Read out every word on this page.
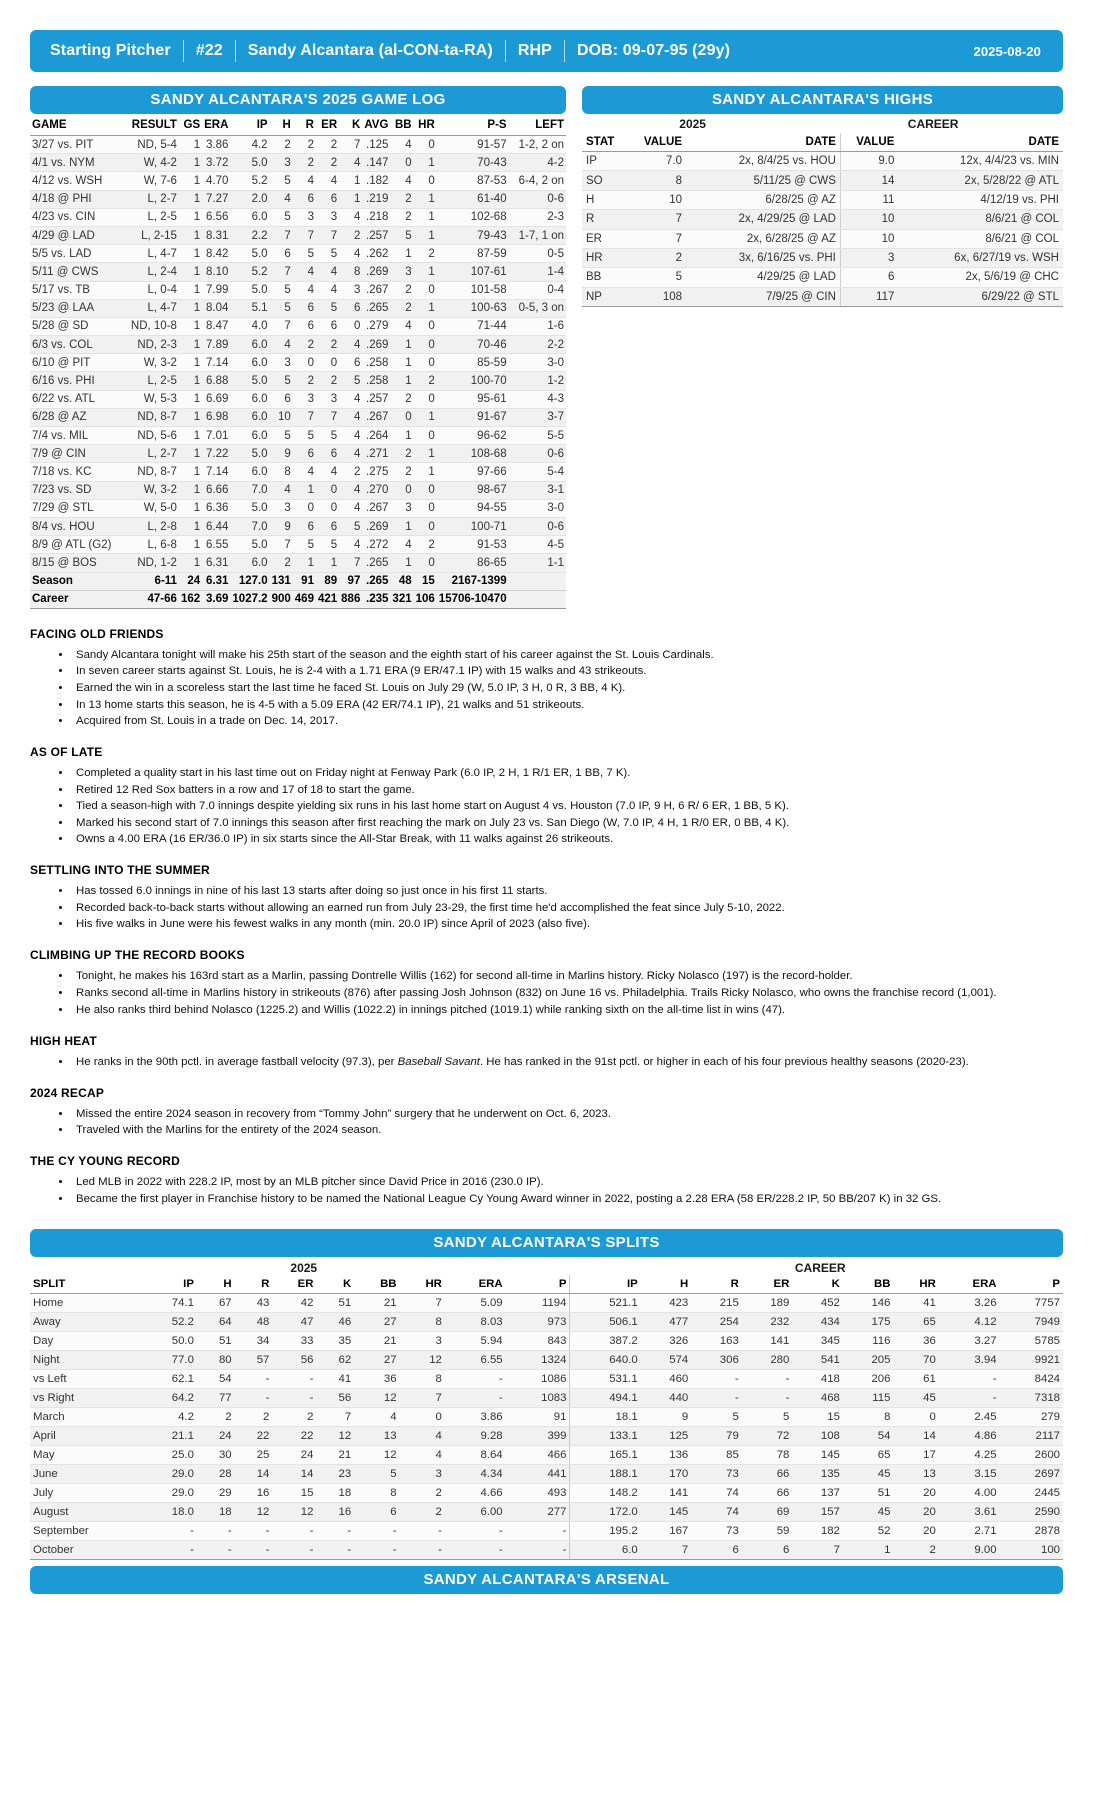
Starting Pitcher	#22	Sandy Alcantara (al-CON-ta-RA)	RHP	DOB: 09-07-95 (29y)	2025-08-20
SANDY ALCANTARA'S 2025 GAME LOG
GAME	RESULT	GS	ERA	IP	H	R	ER	K	AVG	BB	HR	P-S	LEFT
3/27 vs. PIT	ND, 5-4	1	3.86	4.2	2	2	2	7	.125	4	0	91-57	1-2, 2 on
4/1 vs. NYM	W, 4-2	1	3.72	5.0	3	2	2	4	.147	0	1	70-43	4-2
4/12 vs. WSH	W, 7-6	1	4.70	5.2	5	4	4	1	.182	4	0	87-53	6-4, 2 on
4/18 @ PHI	L, 2-7	1	7.27	2.0	4	6	6	1	.219	2	1	61-40	0-6
4/23 vs. CIN	L, 2-5	1	6.56	6.0	5	3	3	4	.218	2	1	102-68	2-3
4/29 @ LAD	L, 2-15	1	8.31	2.2	7	7	7	2	.257	5	1	79-43	1-7, 1 on
5/5 vs. LAD	L, 4-7	1	8.42	5.0	6	5	5	4	.262	1	2	87-59	0-5
5/11 @ CWS	L, 2-4	1	8.10	5.2	7	4	4	8	.269	3	1	107-61	1-4
5/17 vs. TB	L, 0-4	1	7.99	5.0	5	4	4	3	.267	2	0	101-58	0-4
5/23 @ LAA	L, 4-7	1	8.04	5.1	5	6	5	6	.265	2	1	100-63	0-5, 3 on
5/28 @ SD	ND, 10-8	1	8.47	4.0	7	6	6	0	.279	4	0	71-44	1-6
6/3 vs. COL	ND, 2-3	1	7.89	6.0	4	2	2	4	.269	1	0	70-46	2-2
6/10 @ PIT	W, 3-2	1	7.14	6.0	3	0	0	6	.258	1	0	85-59	3-0
6/16 vs. PHI	L, 2-5	1	6.88	5.0	5	2	2	5	.258	1	2	100-70	1-2
6/22 vs. ATL	W, 5-3	1	6.69	6.0	6	3	3	4	.257	2	0	95-61	4-3
6/28 @ AZ	ND, 8-7	1	6.98	6.0	10	7	7	4	.267	0	1	91-67	3-7
7/4 vs. MIL	ND, 5-6	1	7.01	6.0	5	5	5	4	.264	1	0	96-62	5-5
7/9 @ CIN	L, 2-7	1	7.22	5.0	9	6	6	4	.271	2	1	108-68	0-6
7/18 vs. KC	ND, 8-7	1	7.14	6.0	8	4	4	2	.275	2	1	97-66	5-4
7/23 vs. SD	W, 3-2	1	6.66	7.0	4	1	0	4	.270	0	0	98-67	3-1
7/29 @ STL	W, 5-0	1	6.36	5.0	3	0	0	4	.267	3	0	94-55	3-0
8/4 vs. HOU	L, 2-8	1	6.44	7.0	9	6	6	5	.269	1	0	100-71	0-6
8/9 @ ATL (G2)	L, 6-8	1	6.55	5.0	7	5	5	4	.272	4	2	91-53	4-5
8/15 @ BOS	ND, 1-2	1	6.31	6.0	2	1	1	7	.265	1	0	86-65	1-1
Season	6-11	24	6.31	127.0	131	91	89	97	.265	48	15	2167-1399	
Career	47-66	162	3.69	1027.2	900	469	421	886	.235	321	106	15706-10470	
SANDY ALCANTARA'S HIGHS
2025	CAREER
STAT	VALUE	DATE	VALUE	DATE
IP	7.0	2x, 8/4/25 vs. HOU	9.0	12x, 4/4/23 vs. MIN
SO	8	5/11/25 @ CWS	14	2x, 5/28/22 @ ATL
H	10	6/28/25 @ AZ	11	4/12/19 vs. PHI
R	7	2x, 4/29/25 @ LAD	10	8/6/21 @ COL
ER	7	2x, 6/28/25 @ AZ	10	8/6/21 @ COL
HR	2	3x, 6/16/25 vs. PHI	3	6x, 6/27/19 vs. WSH
BB	5	4/29/25 @ LAD	6	2x, 5/6/19 @ CHC
NP	108	7/9/25 @ CIN	117	6/29/22 @ STL
FACING OLD FRIENDS
• Sandy Alcantara tonight will make his 25th start of the season and the eighth start of his career against the St. Louis Cardinals.
• In seven career starts against St. Louis, he is 2-4 with a 1.71 ERA (9 ER/47.1 IP) with 15 walks and 43 strikeouts.
• Earned the win in a scoreless start the last time he faced St. Louis on July 29 (W, 5.0 IP, 3 H, 0 R, 3 BB, 4 K).
• In 13 home starts this season, he is 4-5 with a 5.09 ERA (42 ER/74.1 IP), 21 walks and 51 strikeouts.
• Acquired from St. Louis in a trade on Dec. 14, 2017.
AS OF LATE
• Completed a quality start in his last time out on Friday night at Fenway Park (6.0 IP, 2 H, 1 R/1 ER, 1 BB, 7 K).
• Retired 12 Red Sox batters in a row and 17 of 18 to start the game.
• Tied a season-high with 7.0 innings despite yielding six runs in his last home start on August 4 vs. Houston (7.0 IP, 9 H, 6 R/ 6 ER, 1 BB, 5 K).
• Marked his second start of 7.0 innings this season after first reaching the mark on July 23 vs. San Diego (W, 7.0 IP, 4 H, 1 R/0 ER, 0 BB, 4 K).
• Owns a 4.00 ERA (16 ER/36.0 IP) in six starts since the All-Star Break, with 11 walks against 26 strikeouts.
SETTLING INTO THE SUMMER
• Has tossed 6.0 innings in nine of his last 13 starts after doing so just once in his first 11 starts.
• Recorded back-to-back starts without allowing an earned run from July 23-29, the first time he'd accomplished the feat since July 5-10, 2022.
• His five walks in June were his fewest walks in any month (min. 20.0 IP) since April of 2023 (also five).
CLIMBING UP THE RECORD BOOKS
• Tonight, he makes his 163rd start as a Marlin, passing Dontrelle Willis (162) for second all-time in Marlins history. Ricky Nolasco (197) is the record-holder.
• Ranks second all-time in Marlins history in strikeouts (876) after passing Josh Johnson (832) on June 16 vs. Philadelphia. Trails Ricky Nolasco, who owns the franchise record (1,001).
• He also ranks third behind Nolasco (1225.2) and Willis (1022.2) in innings pitched (1019.1) while ranking sixth on the all-time list in wins (47).
HIGH HEAT
• He ranks in the 90th pctl. in average fastball velocity (97.3), per Baseball Savant. He has ranked in the 91st pctl. or higher in each of his four previous healthy seasons (2020-23).
2024 RECAP
• Missed the entire 2024 season in recovery from “Tommy John” surgery that he underwent on Oct. 6, 2023.
• Traveled with the Marlins for the entirety of the 2024 season.
THE CY YOUNG RECORD
• Led MLB in 2022 with 228.2 IP, most by an MLB pitcher since David Price in 2016 (230.0 IP).
• Became the first player in Franchise history to be named the National League Cy Young Award winner in 2022, posting a 2.28 ERA (58 ER/228.2 IP, 50 BB/207 K) in 32 GS.
SANDY ALCANTARA'S SPLITS
2025	CAREER
SPLIT	IP	H	R	ER	K	BB	HR	ERA	P	IP	H	R	ER	K	BB	HR	ERA	P
Home	74.1	67	43	42	51	21	7	5.09	1194	521.1	423	215	189	452	146	41	3.26	7757
Away	52.2	64	48	47	46	27	8	8.03	973	506.1	477	254	232	434	175	65	4.12	7949
Day	50.0	51	34	33	35	21	3	5.94	843	387.2	326	163	141	345	116	36	3.27	5785
Night	77.0	80	57	56	62	27	12	6.55	1324	640.0	574	306	280	541	205	70	3.94	9921
vs Left	62.1	54	-	-	41	36	8	-	1086	531.1	460	-	-	418	206	61	-	8424
vs Right	64.2	77	-	-	56	12	7	-	1083	494.1	440	-	-	468	115	45	-	7318
March	4.2	2	2	2	7	4	0	3.86	91	18.1	9	5	5	15	8	0	2.45	279
April	21.1	24	22	22	12	13	4	9.28	399	133.1	125	79	72	108	54	14	4.86	2117
May	25.0	30	25	24	21	12	4	8.64	466	165.1	136	85	78	145	65	17	4.25	2600
June	29.0	28	14	14	23	5	3	4.34	441	188.1	170	73	66	135	45	13	3.15	2697
July	29.0	29	16	15	18	8	2	4.66	493	148.2	141	74	66	137	51	20	4.00	2445
August	18.0	18	12	12	16	6	2	6.00	277	172.0	145	74	69	157	45	20	3.61	2590
September	-	-	-	-	-	-	-	-	-	195.2	167	73	59	182	52	20	2.71	2878
October	-	-	-	-	-	-	-	-	-	6.0	7	6	6	7	1	2	9.00	100
SANDY ALCANTARA'S ARSENAL
